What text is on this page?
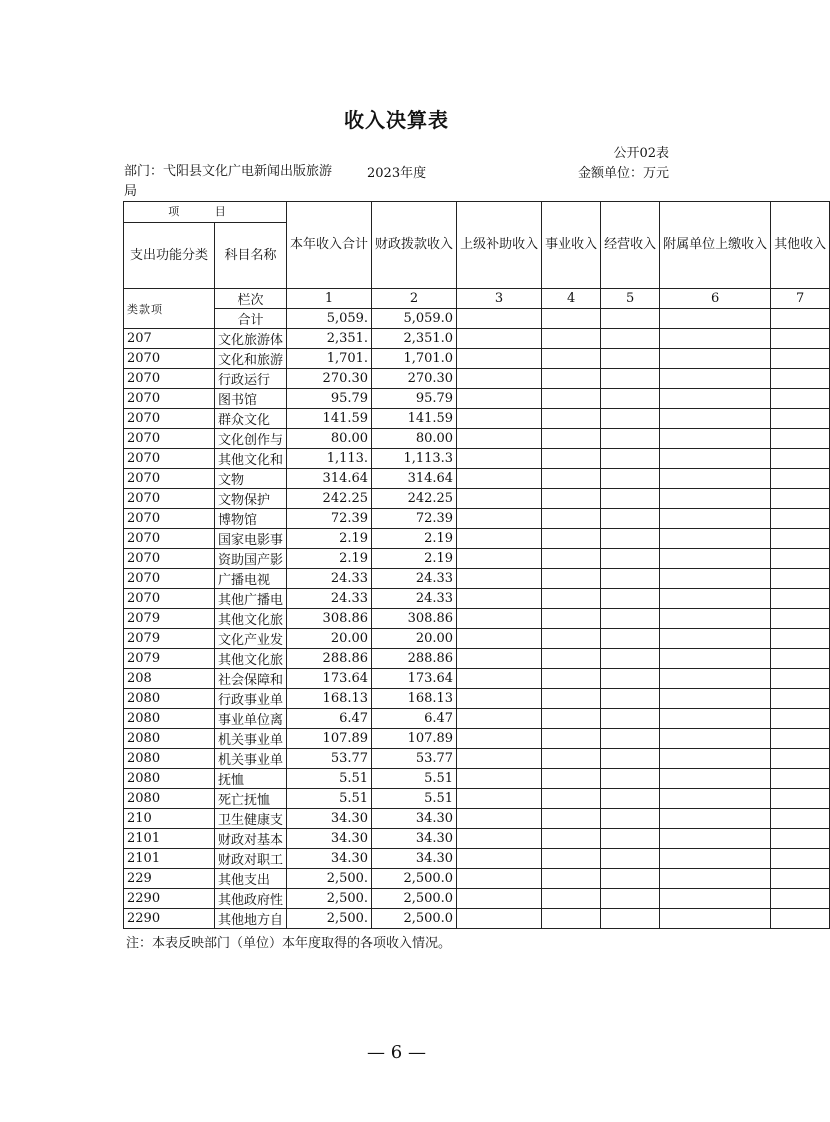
收入决算表
公开02表
部门：弋阳县文化广电新闻出版旅游局
2023年度	金额单位：万元
项 目		本年收入合计	财政拨款收入	上级补助收入	事业收入	经营收入	附属单位上缴收入	其他收入
支出功能分类	科目名称							
类款项	栏次	1	2	3	4	5	6	7
	合计	5,059.	5,059.0					
207	文化旅游体	2,351.	2,351.0					
2070	文化和旅游	1,701.	1,701.0					
2070	行政运行	270.30	270.30					
2070	图书馆	95.79	95.79					
2070	群众文化	141.59	141.59					
2070	文化创作与	80.00	80.00					
2070	其他文化和	1,113.	1,113.3					
2070	文物	314.64	314.64					
2070	文物保护	242.25	242.25					
2070	博物馆	72.39	72.39					
2070	国家电影事	2.19	2.19					
2070	资助国产影	2.19	2.19					
2070	广播电视	24.33	24.33					
2070	其他广播电	24.33	24.33					
2079	其他文化旅	308.86	308.86					
2079	文化产业发	20.00	20.00					
2079	其他文化旅	288.86	288.86					
208	社会保障和	173.64	173.64					
2080	行政事业单	168.13	168.13					
2080	事业单位离	6.47	6.47					
2080	机关事业单	107.89	107.89					
2080	机关事业单	53.77	53.77					
2080	抚恤	5.51	5.51					
2080	死亡抚恤	5.51	5.51					
210	卫生健康支	34.30	34.30					
2101	财政对基本	34.30	34.30					
2101	财政对职工	34.30	34.30					
229	其他支出	2,500.	2,500.0					
2290	其他政府性	2,500.	2,500.0					
2290	其他地方自	2,500.	2,500.0					
注：本表反映部门（单位）本年度取得的各项收入情况。
— 6 —
